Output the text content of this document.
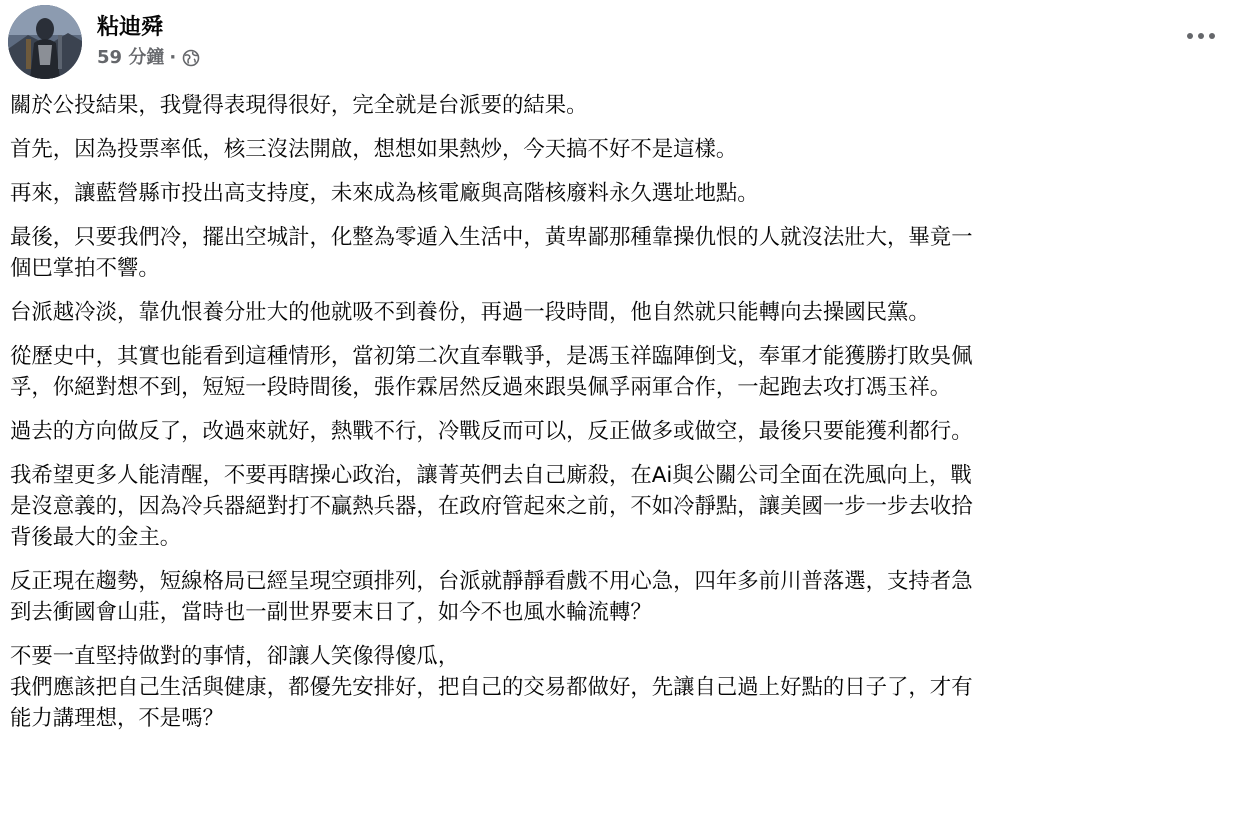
粘迪舜
59 分鐘 ·
關於公投結果，我覺得表現得很好，完全就是台派要的結果。
首先，因為投票率低，核三沒法開啟，想想如果熱炒，今天搞不好不是這樣。
再來，讓藍營縣市投出高支持度，未來成為核電廠與高階核廢料永久選址地點。
最後，只要我們冷，擺出空城計，化整為零遁入生活中，黃卑鄙那種靠操仇恨的人就沒法壯大，畢竟一
個巴掌拍不響。
台派越冷淡，靠仇恨養分壯大的他就吸不到養份，再過一段時間，他自然就只能轉向去操國民黨。
從歷史中，其實也能看到這種情形，當初第二次直奉戰爭，是馮玉祥臨陣倒戈，奉軍才能獲勝打敗吳佩
孚，你絕對想不到，短短一段時間後，張作霖居然反過來跟吳佩孚兩軍合作，一起跑去攻打馮玉祥。
過去的方向做反了，改過來就好，熱戰不行，冷戰反而可以，反正做多或做空，最後只要能獲利都行。
我希望更多人能清醒，不要再瞎操心政治，讓菁英們去自己廝殺，在Ai與公關公司全面在洗風向上，戰
是沒意義的，因為冷兵器絕對打不贏熱兵器，在政府管起來之前，不如冷靜點，讓美國一步一步去收拾
背後最大的金主。
反正現在趨勢，短線格局已經呈現空頭排列，台派就靜靜看戲不用心急，四年多前川普落選，支持者急
到去衝國會山莊，當時也一副世界要末日了，如今不也風水輪流轉？
不要一直堅持做對的事情，卻讓人笑像得傻瓜，
我們應該把自己生活與健康，都優先安排好，把自己的交易都做好，先讓自己過上好點的日子了，才有
能力講理想，不是嗎？
